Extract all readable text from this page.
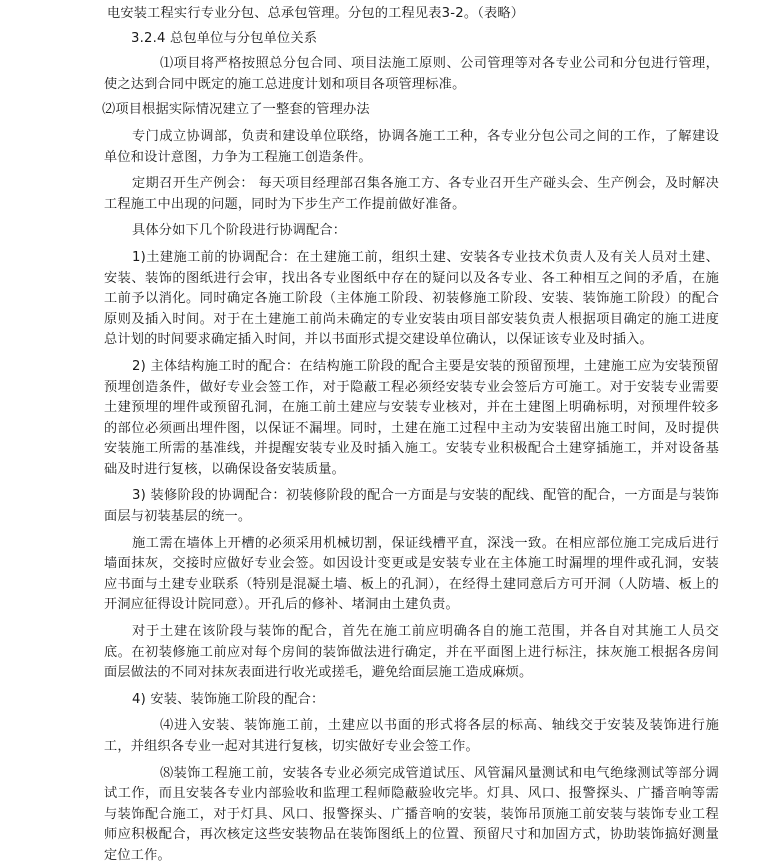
电安装工程实行专业分包、总承包管理。分包的工程见表3-2。（表略）

3.2.4 总包单位与分包单位关系

⑴项目将严格按照总分包合同、项目法施工原则、公司管理等对各专业公司和分包进行管理，使之达到合同中既定的施工总进度计划和项目各项管理标准。

⑵项目根据实际情况建立了一整套的管理办法

专门成立协调部，负责和建设单位联络，协调各施工工种，各专业分包公司之间的工作，了解建设单位和设计意图，力争为工程施工创造条件。

定期召开生产例会： 每天项目经理部召集各施工方、各专业召开生产碰头会、生产例会，及时解决工程施工中出现的问题，同时为下步生产工作提前做好准备。

具体分如下几个阶段进行协调配合：

1)土建施工前的协调配合：在土建施工前，组织土建、安装各专业技术负责人及有关人员对土建、安装、装饰的图纸进行会审，找出各专业图纸中存在的疑问以及各专业、各工种相互之间的矛盾，在施工前予以消化。同时确定各施工阶段（主体施工阶段、初装修施工阶段、安装、装饰施工阶段）的配合原则及插入时间。对于在土建施工前尚未确定的专业安装由项目部安装负责人根据项目确定的施工进度总计划的时间要求确定插入时间，并以书面形式提交建设单位确认，以保证该专业及时插入。

2) 主体结构施工时的配合：在结构施工阶段的配合主要是安装的预留预埋，土建施工应为安装预留预埋创造条件，做好专业会签工作，对于隐蔽工程必须经安装专业会签后方可施工。对于安装专业需要土建预埋的埋件或预留孔洞，在施工前土建应与安装专业核对，并在土建图上明确标明，对预埋件较多的部位必须画出埋件图，以保证不漏埋。同时，土建在施工过程中主动为安装留出施工时间，及时提供安装施工所需的基准线，并提醒安装专业及时插入施工。安装专业积极配合土建穿插施工，并对设备基础及时进行复核，以确保设备安装质量。

3) 装修阶段的协调配合：初装修阶段的配合一方面是与安装的配线、配管的配合，一方面是与装饰面层与初装基层的统一。

施工需在墙体上开槽的必须采用机械切割，保证线槽平直，深浅一致。在相应部位施工完成后进行墙面抹灰，交接时应做好专业会签。如因设计变更或是安装专业在主体施工时漏埋的埋件或孔洞，安装应书面与土建专业联系（特别是混凝土墙、板上的孔洞），在经得土建同意后方可开洞（人防墙、板上的开洞应征得设计院同意）。开孔后的修补、堵洞由土建负责。

对于土建在该阶段与装饰的配合，首先在施工前应明确各自的施工范围，并各自对其施工人员交底。在初装修施工前应对每个房间的装饰做法进行确定，并在平面图上进行标注，抹灰施工根据各房间面层做法的不同对抹灰表面进行收光或搓毛，避免给面层施工造成麻烦。

4) 安装、装饰施工阶段的配合：

⑷进入安装、装饰施工前，土建应以书面的形式将各层的标高、轴线交于安装及装饰进行施工，并组织各专业一起对其进行复核，切实做好专业会签工作。

⑻装饰工程施工前，安装各专业必须完成管道试压、风管漏风量测试和电气绝缘测试等部分调试工作，而且安装各专业内部验收和监理工程师隐蔽验收完毕。灯具、风口、报警探头、广播音响等需与装饰配合施工，对于灯具、风口、报警探头、广播音响的安装，装饰吊顶施工前安装与装饰专业工程师应积极配合，再次核定这些安装物品在装饰图纸上的位置、预留尺寸和加固方式，协助装饰搞好测量定位工作。
